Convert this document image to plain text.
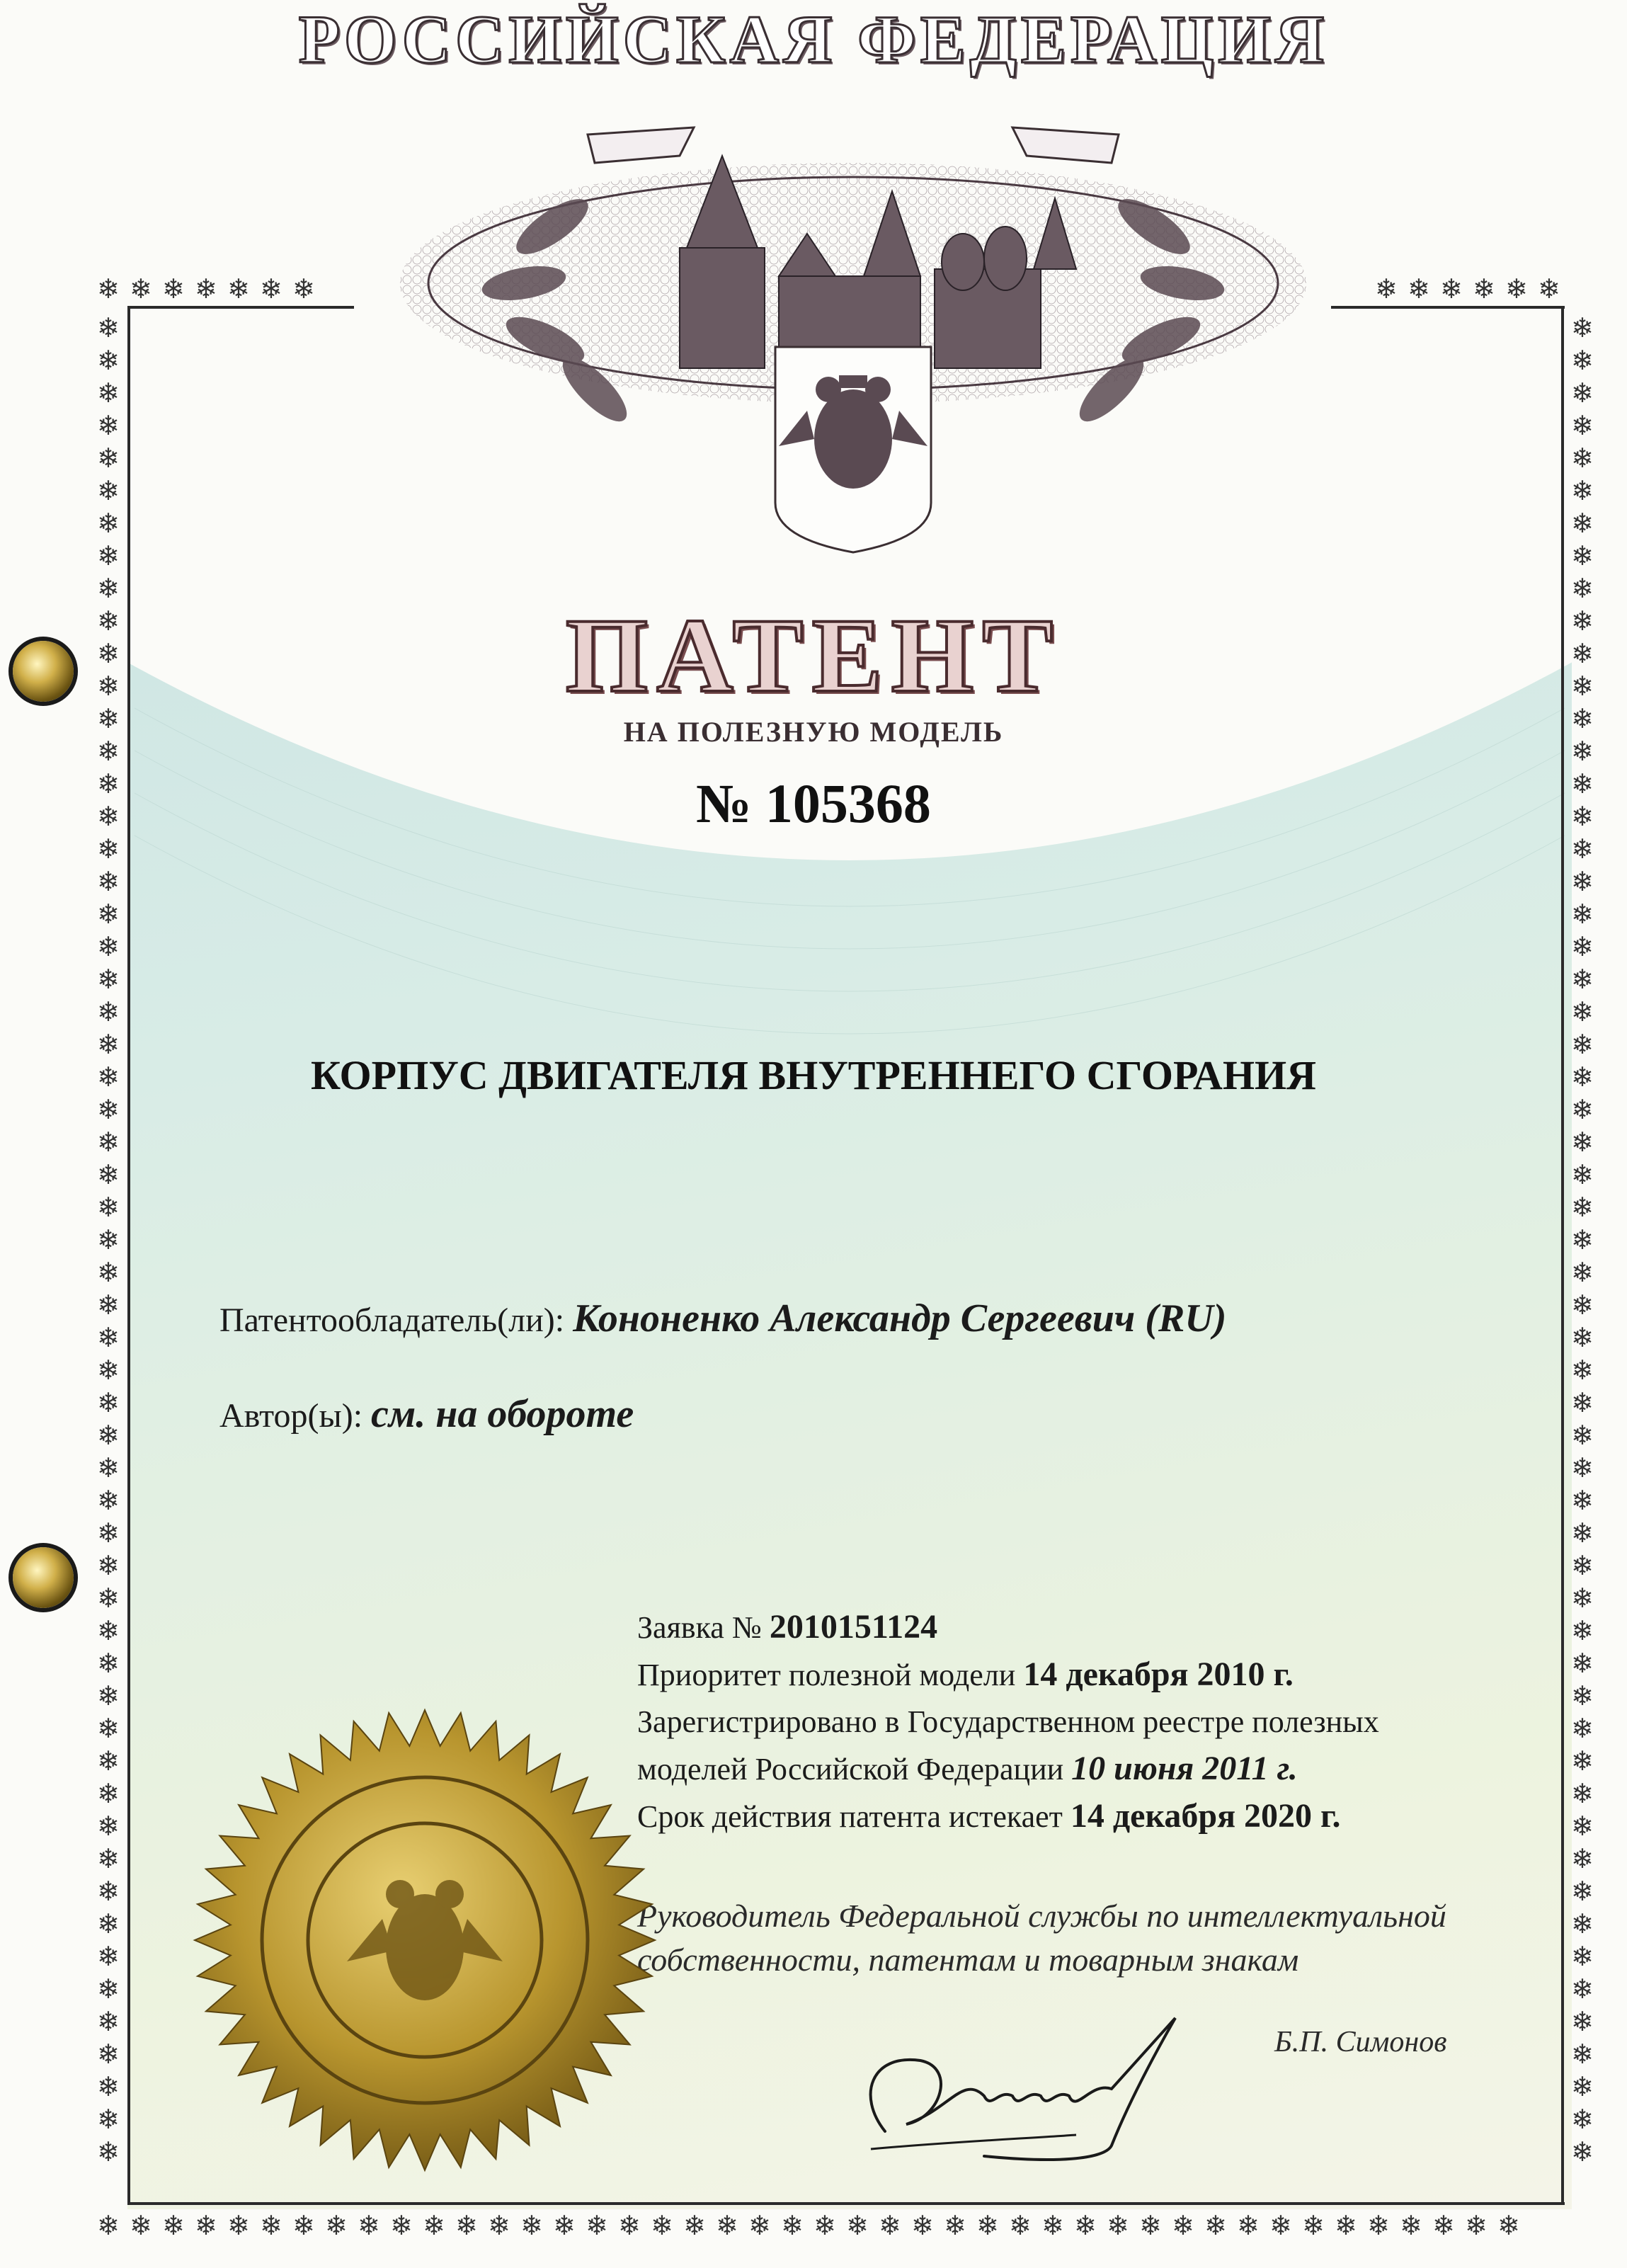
❄ ❄ ❄ ❄ ❄ ❄ ❄	❄ ❄ ❄ ❄ ❄ ❄
❄
❄
❄
❄
❄
❄
❄
❄
❄
❄
❄
❄
❄
❄
❄
❄
❄
❄
❄
❄
❄
❄
❄
❄
❄
❄
❄
❄
❄
❄
❄
❄
❄
❄
❄
❄
❄
❄
❄
❄
❄
❄
❄
❄
❄
❄
❄
❄
❄
❄
❄
❄
❄
❄
❄
❄
❄
❄
❄
❄
❄
❄
❄
❄
❄
❄
❄
❄
❄
❄
❄
❄
❄
❄
❄
❄
❄
❄
❄
❄
❄
❄
❄
❄
❄
❄
❄
❄
❄
❄
❄
❄
❄
❄
❄
❄
❄
❄
❄
❄
❄
❄
❄
❄
❄
❄
❄
❄
❄
❄
❄
❄
❄
❄
❄ ❄ ❄ ❄ ❄ ❄ ❄ ❄ ❄ ❄ ❄ ❄ ❄ ❄ ❄ ❄ ❄ ❄ ❄ ❄ ❄ ❄ ❄ ❄ ❄ ❄ ❄ ❄ ❄ ❄ ❄ ❄ ❄ ❄ ❄ ❄ ❄ ❄ ❄ ❄ ❄ ❄ ❄ ❄
РОССИЙСКАЯ ФЕДЕРАЦИЯ
ПАТЕНТ
НА ПОЛЕЗНУЮ МОДЕЛЬ
№ 105368
КОРПУС ДВИГАТЕЛЯ ВНУТРЕННЕГО СГОРАНИЯ
Патентообладатель(ли): Кононенко Александр Сергеевич (RU)
Автор(ы): см. на обороте
Заявка № 2010151124
Приоритет полезной модели 14 декабря 2010 г.
Зарегистрировано в Государственном реестре полезных
моделей Российской Федерации 10 июня 2011 г.
Срок действия патента истекает 14 декабря 2020 г.
Руководитель Федеральной службы по интеллектуальной
собственности, патентам и товарным знакам
Б.П. Симонов
